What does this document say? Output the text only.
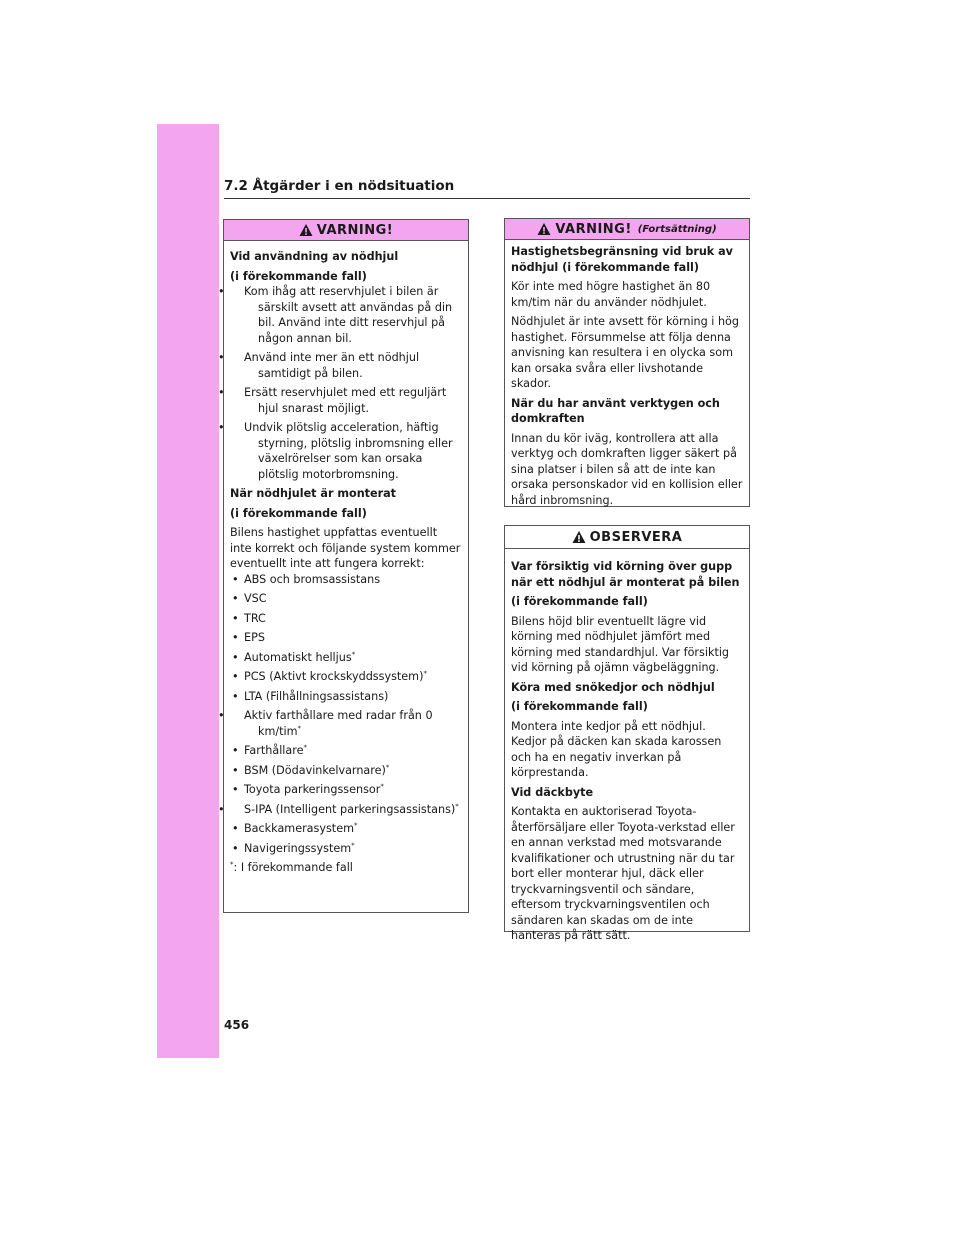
7.2 Åtgärder i en nödsituation
VARNING!

Vid användning av nödhjul

(i förekommande fall)

• Kom ihåg att reservhjulet i bilen är särskilt avsett att användas på din bil. Använd inte ditt reservhjul på någon annan bil.
• Använd inte mer än ett nödhjul samtidigt på bilen.
• Ersätt reservhjulet med ett reguljärt hjul snarast möjligt.
• Undvik plötslig acceleration, häftig styrning, plötslig inbromsning eller växelrörelser som kan orsaka plötslig motorbromsning.

När nödhjulet är monterat

(i förekommande fall)

Bilens hastighet uppfattas eventuellt inte korrekt och följande system kommer eventuellt inte att fungera korrekt:

• ABS och bromsassistans
• VSC
• TRC
• EPS
• Automatiskt helljus*
• PCS (Aktivt krockskyddssystem)*
• LTA (Filhållningsassistans)
• Aktiv farthållare med radar från 0 km/tim*
• Farthållare*
• BSM (Dödavinkelvarnare)*
• Toyota parkeringssensor*
• S-IPA (Intelligent parkeringsassistans)*
• Backkamerasystem*
• Navigeringssystem*

*: I förekommande fall

VARNING! (Fortsättning)

Hastighetsbegränsning vid bruk av nödhjul (i förekommande fall)

Kör inte med högre hastighet än 80 km/tim när du använder nödhjulet.

Nödhjulet är inte avsett för körning i hög hastighet. Försummelse att följa denna anvisning kan resultera i en olycka som kan orsaka svåra eller livshotande skador.

När du har använt verktygen och domkraften

Innan du kör iväg, kontrollera att alla verktyg och domkraften ligger säkert på sina platser i bilen så att de inte kan orsaka personskador vid en kollision eller hård inbromsning.

OBSERVERA

Var försiktig vid körning över gupp när ett nödhjul är monterat på bilen

(i förekommande fall)

Bilens höjd blir eventuellt lägre vid körning med nödhjulet jämfört med körning med standardhjul. Var försiktig vid körning på ojämn vägbeläggning.

Köra med snökedjor och nödhjul

(i förekommande fall)

Montera inte kedjor på ett nödhjul. Kedjor på däcken kan skada karossen och ha en negativ inverkan på körprestanda.

Vid däckbyte

Kontakta en auktoriserad Toyota-återförsäljare eller Toyota-verkstad eller en annan verkstad med motsvarande kvalifikationer och utrustning när du tar bort eller monterar hjul, däck eller tryckvarningsventil och sändare, eftersom tryckvarningsventilen och sändaren kan skadas om de inte hanteras på rätt sätt.

456
